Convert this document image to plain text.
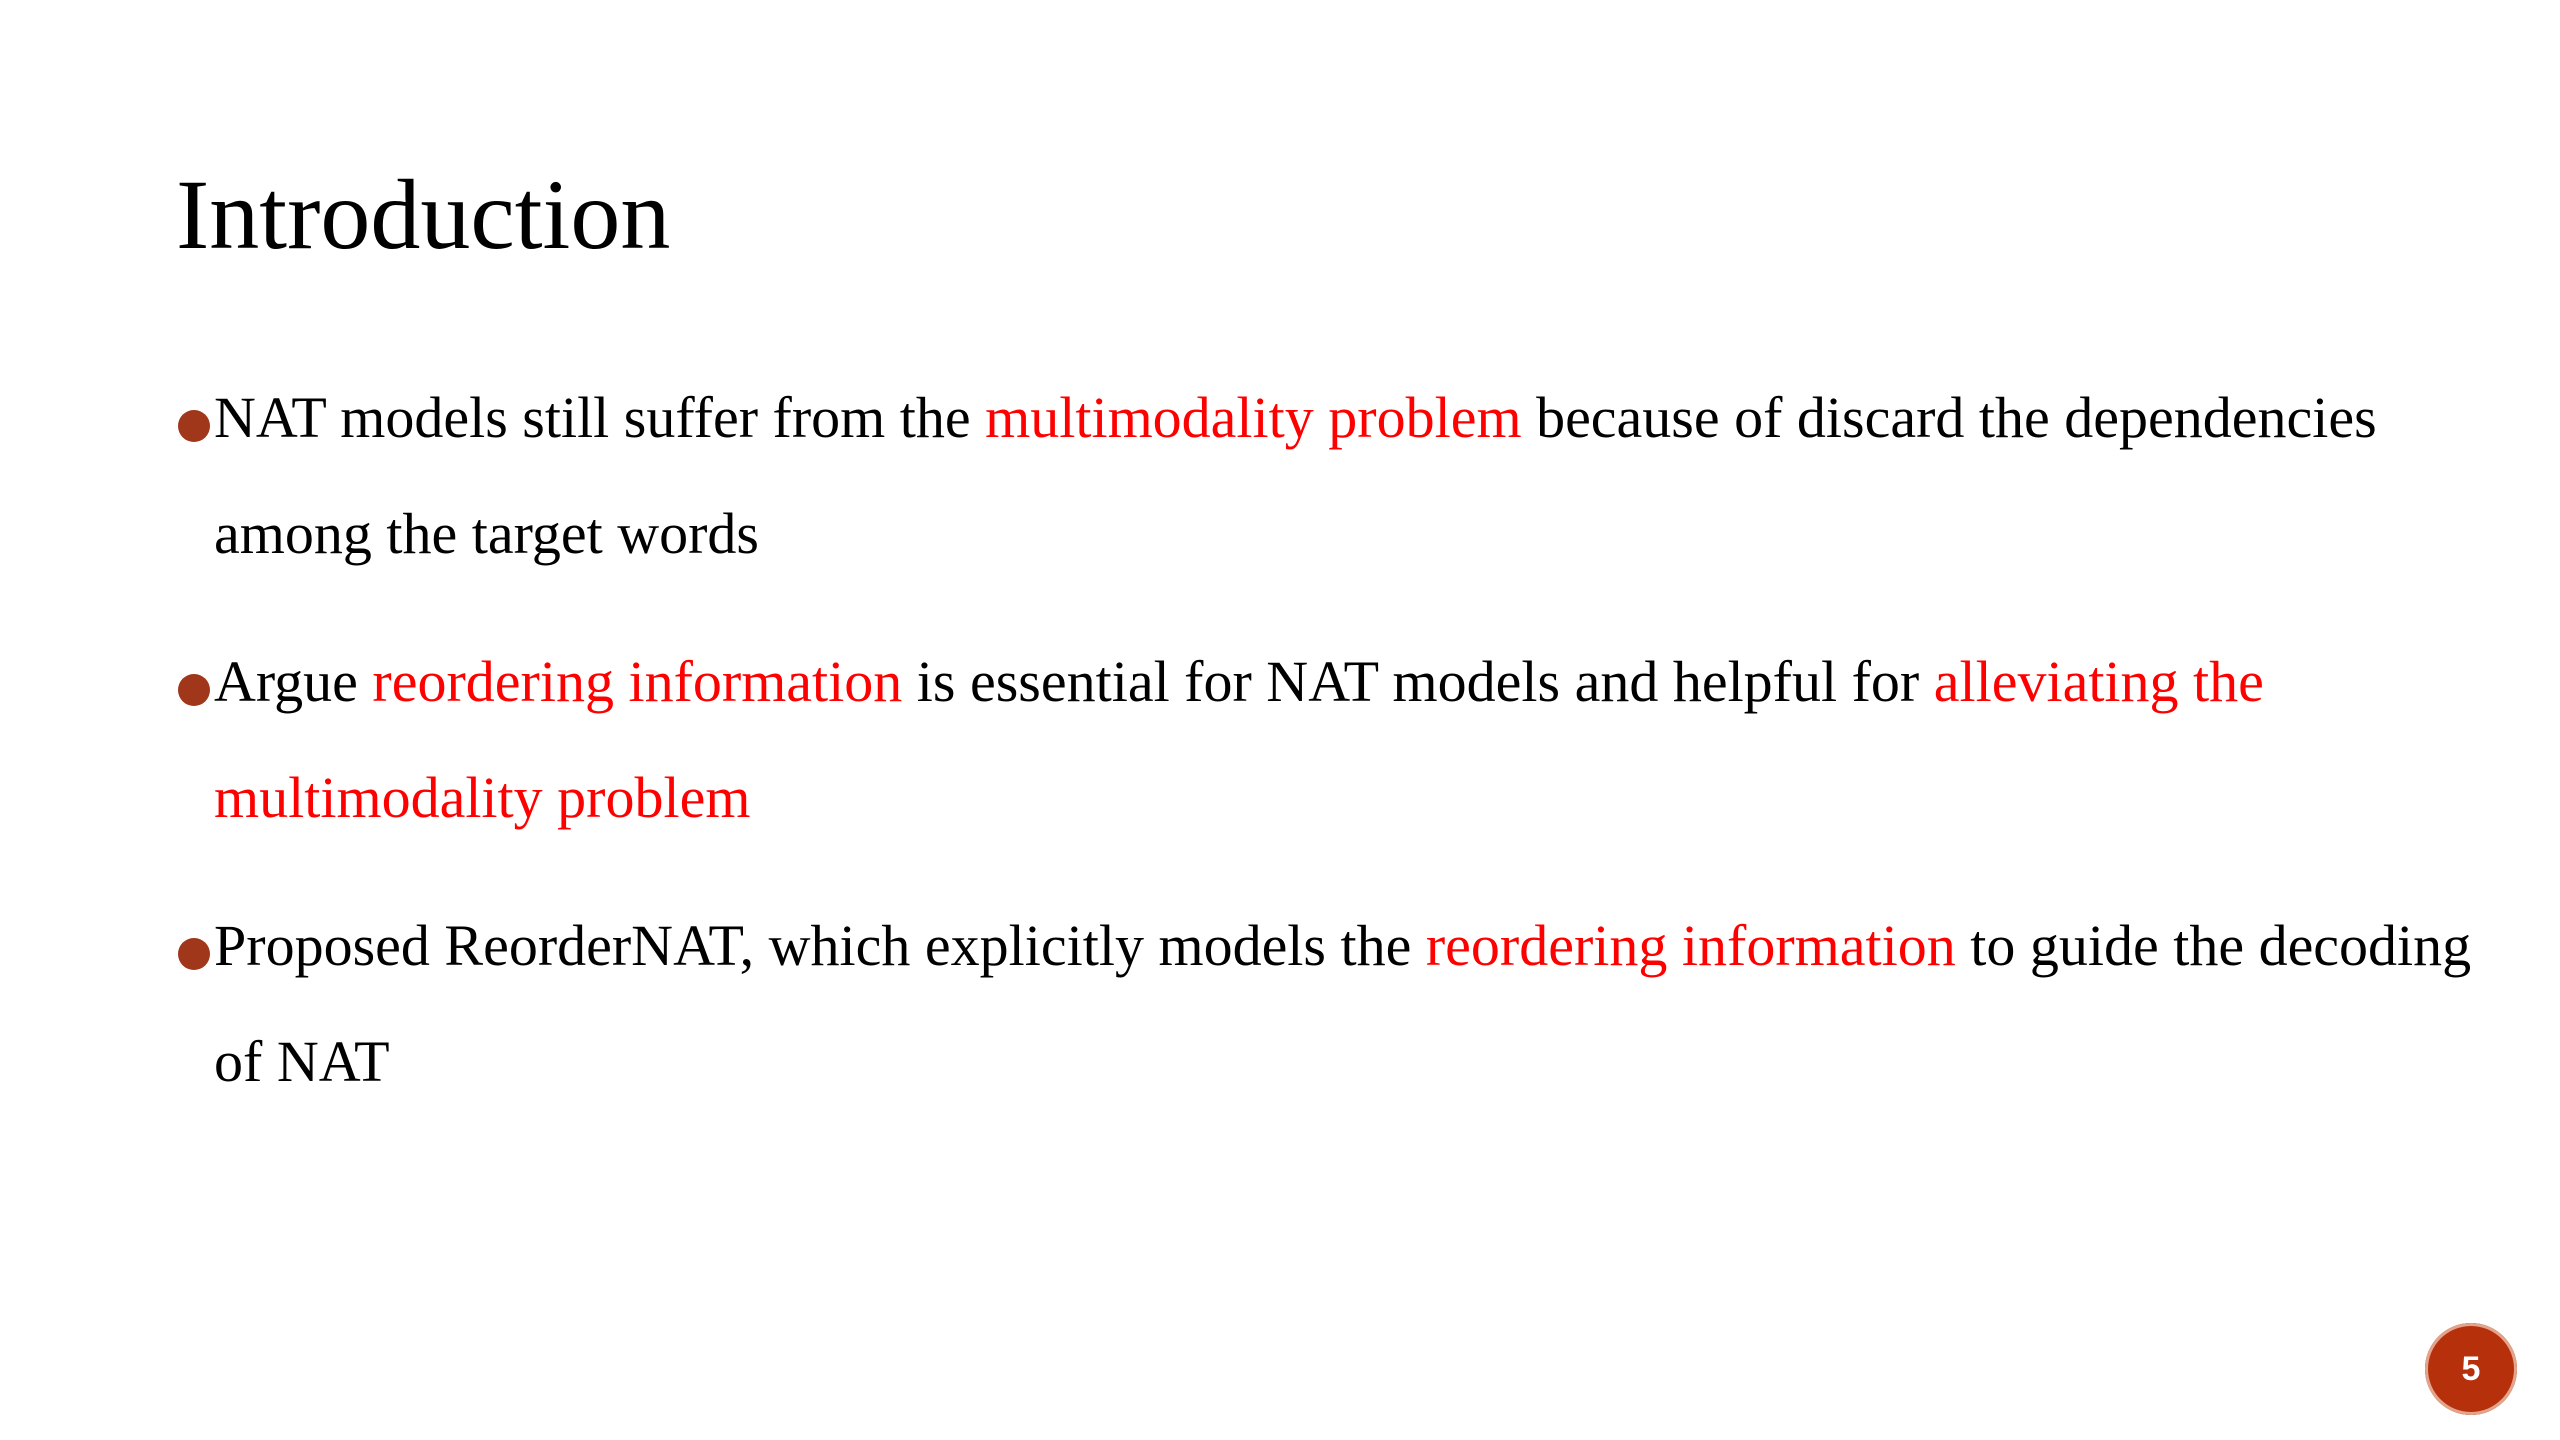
Introduction
NAT models still suffer from the multimodality problem because of discard the dependencies among the target words
Argue reordering information is essential for NAT models and helpful for alleviating the multimodality problem
Proposed ReorderNAT, which explicitly models the reordering information to guide the decoding of NAT
5
